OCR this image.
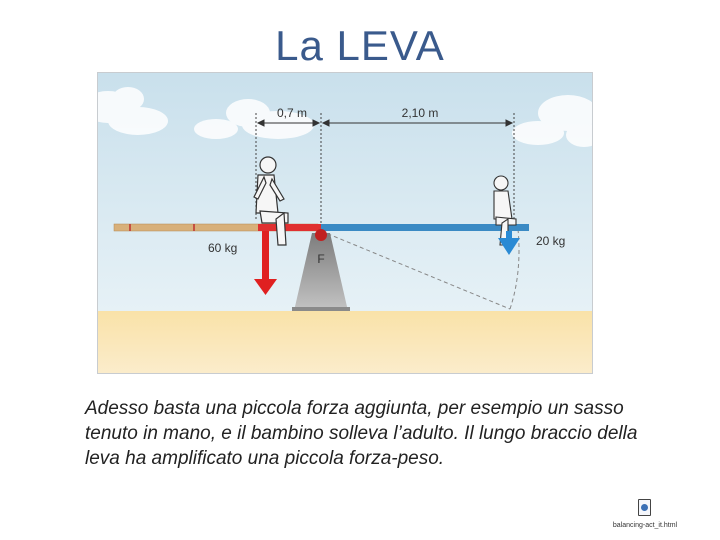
La LEVA
0,7 m	2,10 m
F
60 kg	20 kg
Adesso basta una piccola forza aggiunta, per esempio un sasso tenuto in mano, e il bambino solleva l’adulto. Il lungo braccio della leva ha amplificato una piccola forza-peso.
balancing-act_it.html
